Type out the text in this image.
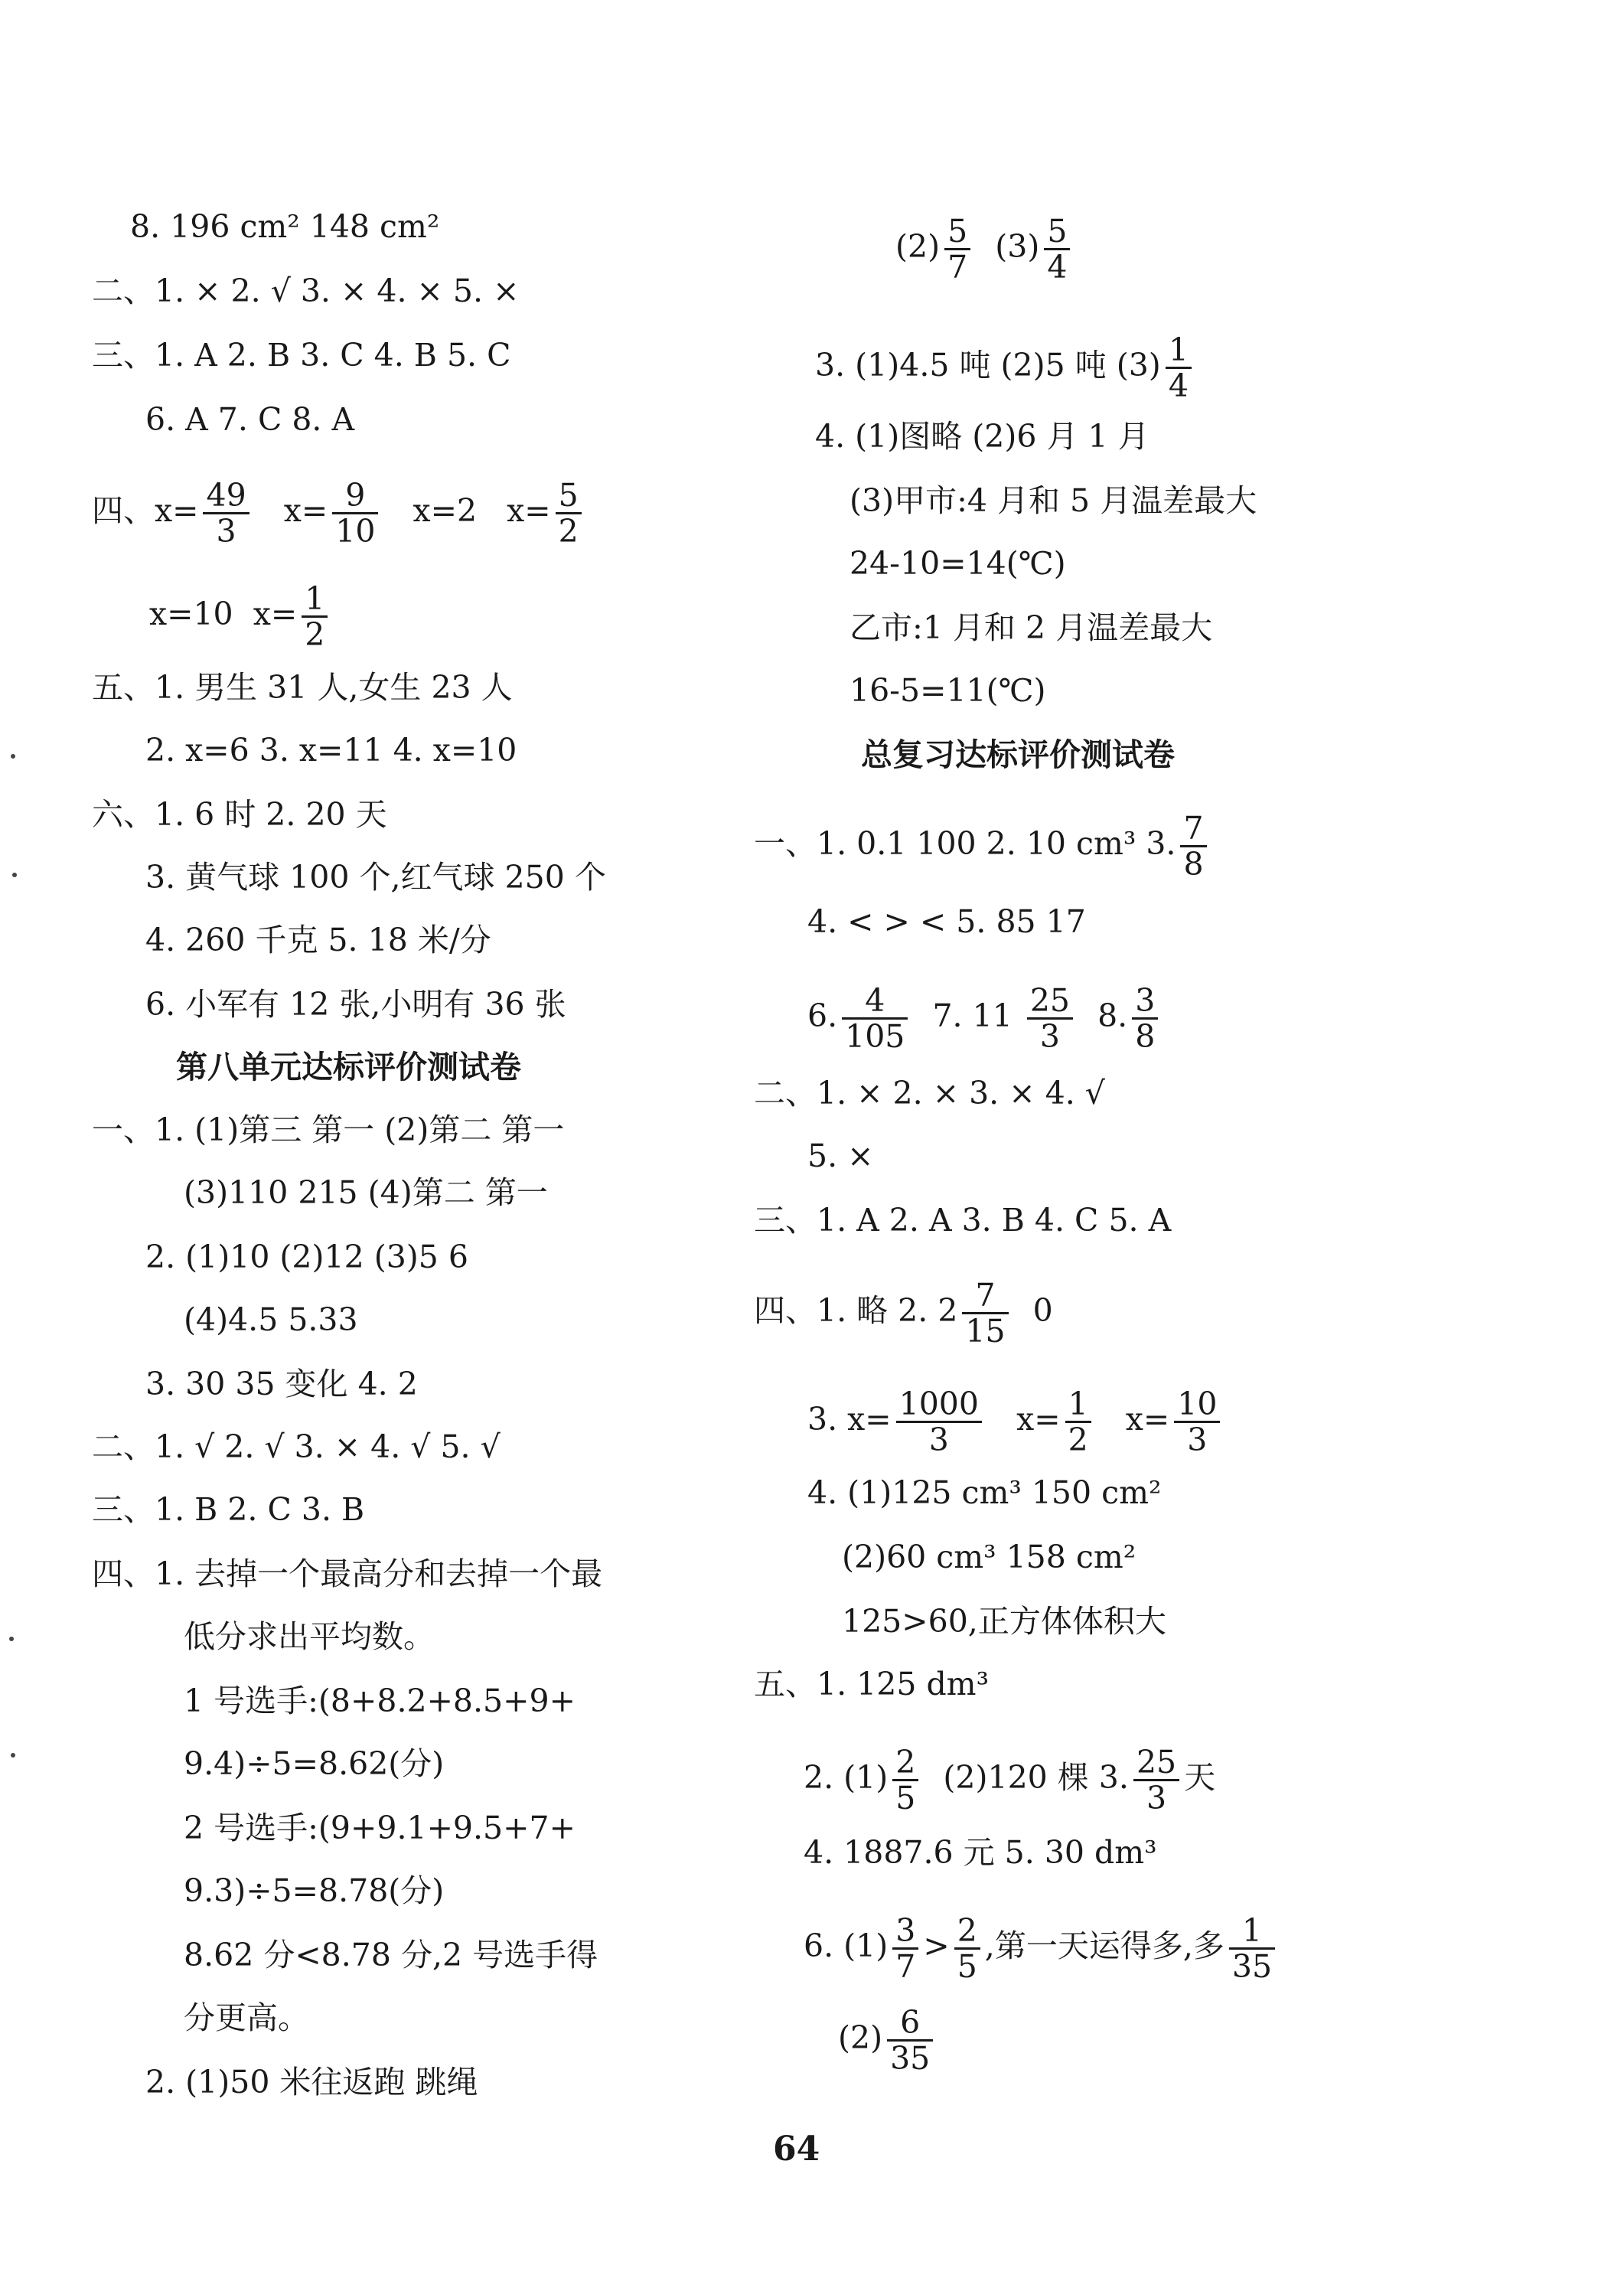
8. 196 cm² 148 cm²
二、1. × 2. √ 3. × 4. × 5. ×
三、1. A 2. B 3. C 4. B 5. C
6. A 7. C 8. A
四、$x= \frac{49}{3} x= \frac{9}{10} x=2$   $x= \frac{5}{2}$
x=10  $x= \frac{1}{2}$
五、1. 男生 31 人,女生 23 人
2. x=6 3. x=11 4. x=10
六、1. 6 时 2. 20 天
3. 黄气球 100 个,红气球 250 个
4. 260 千克 5. 18 米/分
6. 小军有 12 张,小明有 36 张
第八单元达标评价测试卷
一、1. (1)第三 第一 (2)第二 第一
(3)110 215 (4)第二 第一
2. (1)10 (2)12 (3)5 6
(4)4.5 5.33
3. 30 35 变化 4. 2
二、1. √ 2. √ 3. × 4. √ 5. √
三、1. B 2. C 3. B
四、1. 去掉一个最高分和去掉一个最
低分求出平均数。
1 号选手:(8+8.2+8.5+9+
9.4)÷5=8.62(分)
2 号选手:(9+9.1+9.5+7+
9.3)÷5=8.78(分)
8.62 分<8.78 分,2 号选手得
分更高。
2. (1)50 米往返跑 跳绳
$(2) \frac{5}{7} (3) \frac{5}{4}$
3. (1)4.5 吨 (2)5 吨 $(3) \frac{1}{4}$
4. (1)图略 (2)6 月 1 月
(3)甲市:4 月和 5 月温差最大
24-10=14(℃)
乙市:1 月和 2 月温差最大
16-5=11(℃)
总复习达标评价测试卷
一、1. 0.1 100 2. 10 cm³ 3. $\frac{7}{8}$
4. < > < 5. 85 17
6. $\frac{4}{105} 7$. $11 \frac{25}{3} 8$. $\frac{3}{8}$
二、1. × 2. × 3. × 4. √
5. ×
三、1. A 2. A 3. B 4. C 5. A
四、1. 略 2. $2 \frac{7}{15} 0$
3. $x= \frac{1000}{3} x= \frac{1}{2} x= \frac{10}{3}$
4. (1)125 cm³ 150 cm²
(2)60 cm³ 158 cm²
125>60,正方体体积大
五、1. 125 dm³
2. $(1) \frac{2}{5} (2)120$ 棵 3. $\frac{25}{3}$ 天
4. 1887.6 元 5. 30 dm³
6. $(1) \frac{3}{7} > \frac{2}{5}$ ,第一天运得多,多 $\frac{1}{35}$
$(2) \frac{6}{35}$
64
